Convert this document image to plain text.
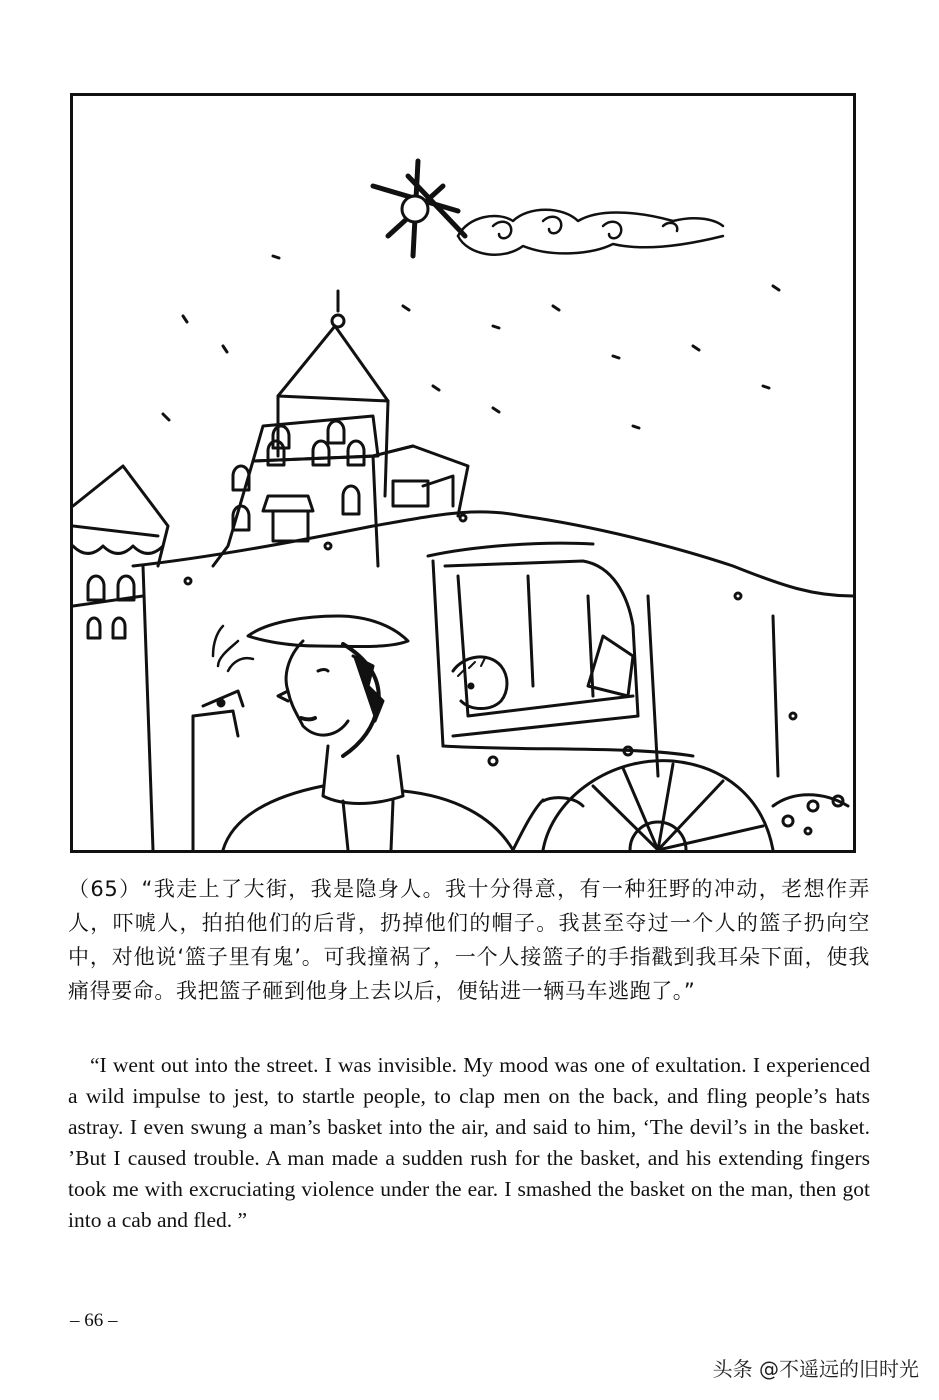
（65）“我走上了大街，我是隐身人。我十分得意，有一种狂野的冲动，老想作弄人，吓唬人，拍拍他们的后背，扔掉他们的帽子。我甚至夺过一个人的篮子扔向空中，对他说‘篮子里有鬼’。可我撞祸了，一个人接篮子的手指戳到我耳朵下面，使我痛得要命。我把篮子砸到他身上去以后，便钻进一辆马车逃跑了。”
“I went out into the street. I was invisible. My mood was one of exultation. I experienced a wild impulse to jest, to startle people, to clap men on the back, and fling people’s hats astray. I even swung a man’s basket into the air, and said to him, ‘The devil’s in the basket. ’But I caused trouble. A man made a sudden rush for the basket, and his extending fingers took me with excruciating violence under the ear. I smashed the basket on the man, then got into a cab and fled. ”
– 66 –
头条 @不遥远的旧时光
